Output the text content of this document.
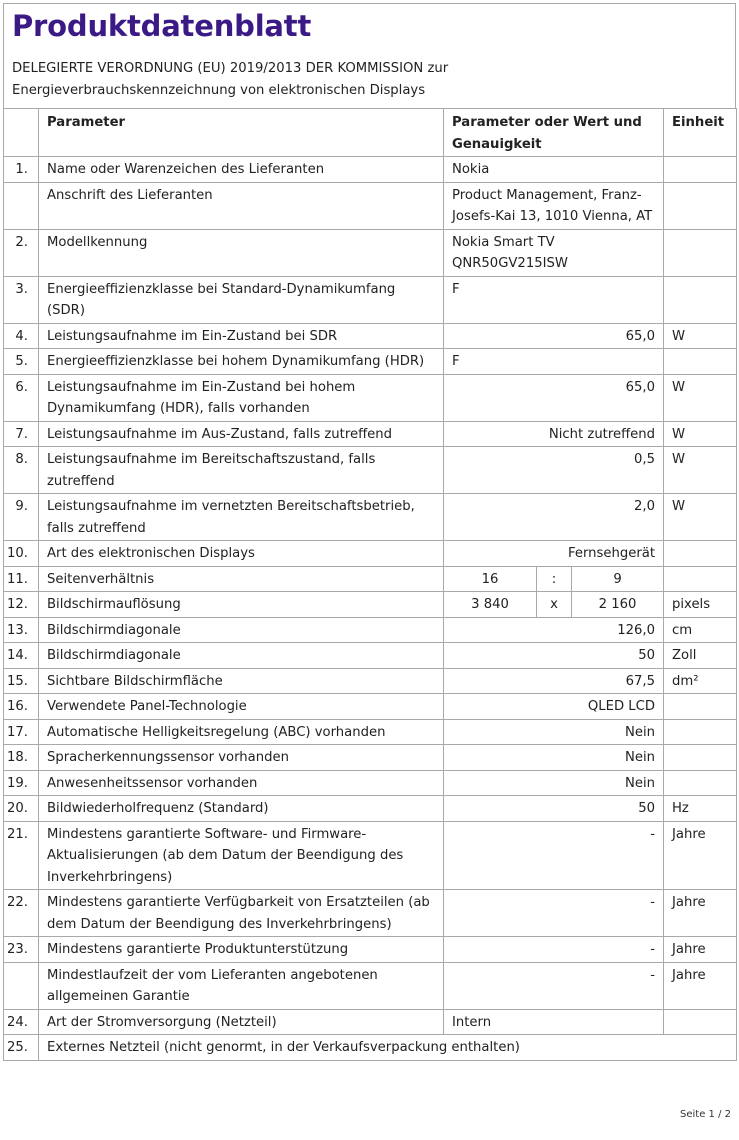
Produktdatenblatt
DELEGIERTE VERORDNUNG (EU) 2019/2013 DER KOMMISSION zur
Energieverbrauchskennzeichnung von elektronischen Displays
	Parameter	Parameter oder Wert und Genauigkeit			Einheit
1.	Name oder Warenzeichen des Lieferanten	Nokia			
	Anschrift des Lieferanten	Product Management, Franz-Josefs-Kai 13, 1010 Vienna, AT			
2.	Modellkennung	Nokia Smart TV QNR50GV215ISW			
3.	Energieeffizienzklasse bei Standard-Dynamikumfang (SDR)	F			
4.	Leistungsaufnahme im Ein-Zustand bei SDR	65,0			W
5.	Energieeffizienzklasse bei hohem Dynamikumfang (HDR)	F			
6.	Leistungsaufnahme im Ein-Zustand bei hohem Dynamikumfang (HDR), falls vorhanden	65,0			W
7.	Leistungsaufnahme im Aus-Zustand, falls zutreffend	Nicht zutreffend			W
8.	Leistungsaufnahme im Bereitschaftszustand, falls zutreffend	0,5			W
9.	Leistungsaufnahme im vernetzten Bereitschaftsbetrieb, falls zutreffend	2,0			W
10.	Art des elektronischen Displays	Fernsehgerät			
11.	Seitenverhältnis	16	:	9	
12.	Bildschirmauflösung	3 840	x	2 160	pixels
13.	Bildschirmdiagonale	126,0			cm
14.	Bildschirmdiagonale	50			Zoll
15.	Sichtbare Bildschirmfläche	67,5			dm²
16.	Verwendete Panel-Technologie	QLED LCD			
17.	Automatische Helligkeitsregelung (ABC) vorhanden	Nein			
18.	Spracherkennungssensor vorhanden	Nein			
19.	Anwesenheitssensor vorhanden	Nein			
20.	Bildwiederholfrequenz (Standard)	50			Hz
21.	Mindestens garantierte Software- und Firmware-Aktualisierungen (ab dem Datum der Beendigung des Inverkehrbringens)	-			Jahre
22.	Mindestens garantierte Verfügbarkeit von Ersatzteilen (ab dem Datum der Beendigung des Inverkehrbringens)	-			Jahre
23.	Mindestens garantierte Produktunterstützung	-			Jahre
	Mindestlaufzeit der vom Lieferanten angebotenen allgemeinen Garantie	-			Jahre
24.	Art der Stromversorgung (Netzteil)	Intern			
25.	Externes Netzteil (nicht genormt, in der Verkaufsverpackung enthalten)				
Seite 1 / 2
